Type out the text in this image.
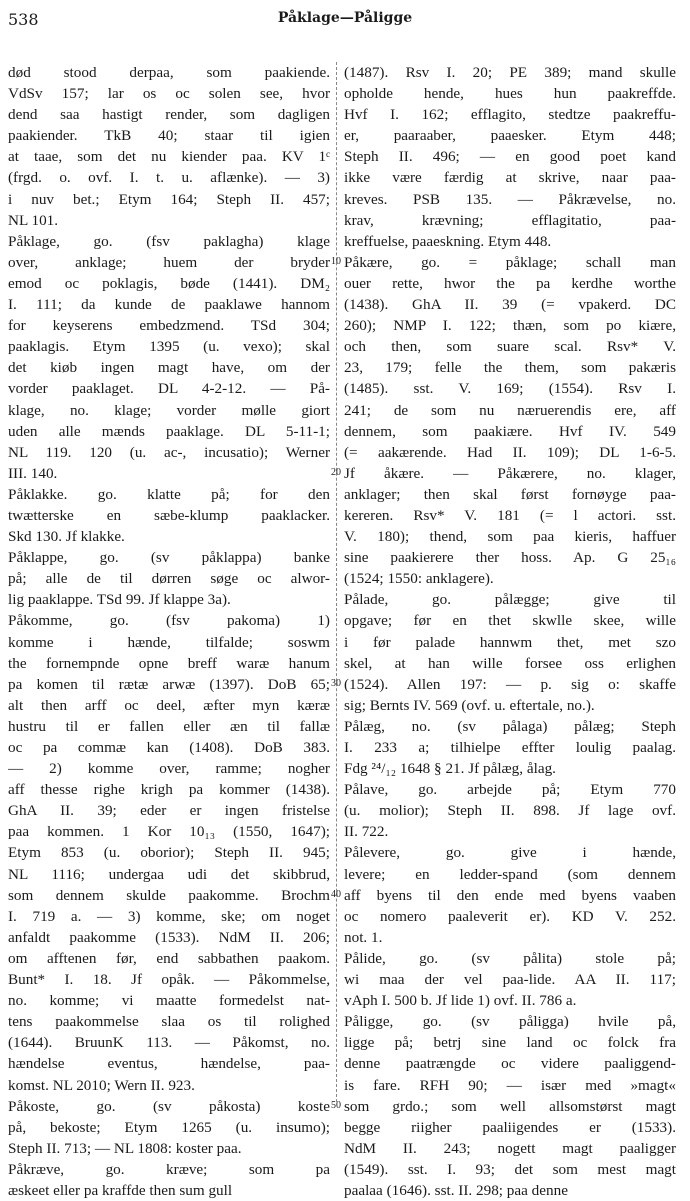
538	Påklage—Påligge
død stood derpaa, som paakiende.
VdSv 157; lar os oc solen see, hvor
dend saa hastigt render, som dagligen
paakiender. TkB 40; staar til igien
at taae, som det nu kiender paa. KV 1ᶜ
(frgd. o. ovf. I. t. u. aflænke). — 3)
i nuv bet.; Etym 164; Steph II. 457;
NL 101.
Påklage, go. (fsv paklagha) klage
over, anklage; huem der bryder
emod oc poklagis, bøde (1441). DM₂
I. 111; da kunde de paaklawe hannom
for keyserens embedzmend. TSd 304;
paaklagis. Etym 1395 (u. vexo); skal
det kiøb ingen magt have, om der
vorder paaklaget. DL 4-2-12. — På-
klage, no. klage; vorder mølle giort
uden alle mænds paaklage. DL 5-11-1;
NL 119. 120 (u. ac-, incusatio); Werner
III. 140.
Påklakke. go. klatte på; for den
twætterske en sæbe-klump paaklacker.
Skd 130. Jf klakke.
Påklappe, go. (sv påklappa) banke
på; alle de til dørren søge oc alwor-
lig paaklappe. TSd 99. Jf klappe 3a).
Påkomme, go. (fsv pakoma) 1)
komme i hænde, tilfalde; soswm
the fornempnde opne breff waræ hanum
pa komen til rætæ arwæ (1397). DoB 65;
alt then arff oc deel, æfter myn kæræ
hustru til er fallen eller æn til fallæ
oc pa commæ kan (1408). DoB 383.
— 2) komme over, ramme; nogher
aff thesse righe krigh pa kommer (1438).
GhA II. 39; eder er ingen fristelse
paa kommen. 1 Kor 10₁₃ (1550, 1647);
Etym 853 (u. oborior); Steph II. 945;
NL 1116; undergaa udi det skibbrud,
som dennem skulde paakomme. Brochm
I. 719 a. — 3) komme, ske; om noget
anfaldt paakomme (1533). NdM II. 206;
om afftenen før, end sabbathen paakom.
Bunt* I. 18. Jf opåk. — Påkommelse,
no. komme; vi maatte formedelst nat-
tens paakommelse slaa os til rolighed
(1644). BruunK 113. — Påkomst, no.
hændelse eventus, hændelse, paa-
komst. NL 2010; Wern II. 923.
Påkoste, go. (sv påkosta) koste
på, bekoste; Etym 1265 (u. insumo);
Steph II. 713; — NL 1808: koster paa.
Påkræve, go. kræve; som pa
æskeet eller pa kraffde then sum gull
10
20
30
40
50
(1487). Rsv I. 20; PE 389; mand skulle
opholde hende, hues hun paakreffde.
Hvf I. 162; efflagito, stedtze paakreffu-
er, paaraaber, paaesker. Etym 448;
Steph II. 496; — en good poet kand
ikke være færdig at skrive, naar paa-
kreves. PSB 135. — Påkrævelse, no.
krav, krævning; efflagitatio, paa-
kreffuelse, paaeskning. Etym 448.
Påkære, go. = påklage; schall man
ouer rette, hwor the pa kerdhe worthe
(1438). GhA II. 39 (= vpakerd. DC
260); NMP I. 122; thæn, som po kiære,
och then, som suare scal. Rsv* V.
23, 179; felle the them, som pakæris
(1485). sst. V. 169; (1554). Rsv I.
241; de som nu næruerendis ere, aff
dennem, som paakiære. Hvf IV. 549
(= aakærende. Had II. 109); DL 1-6-5.
Jf åkære. — Påkærere, no. klager,
anklager; then skal først fornøyge paa-
kereren. Rsv* V. 181 (= l actori. sst.
V. 180); thend, som paa kieris, haffuer
sine paakierere ther hoss. Ap. G 25₁₆
(1524; 1550: anklagere).
Pålade, go. pålægge; give til
opgave; før en thet skwlle skee, wille
i før palade hannwm thet, met szo
skel, at han wille forsee oss erlighen
(1524). Allen 197: — p. sig o: skaffe
sig; Bernts IV. 569 (ovf. u. eftertale, no.).
Pålæg, no. (sv pålaga) pålæg; Steph
I. 233 a; tilhielpe effter loulig paalag.
Fdg ²⁴/₁₂ 1648 § 21. Jf pålæg, ålag.
Pålave, go. arbejde på; Etym 770
(u. molior); Steph II. 898. Jf lage ovf.
II. 722.
Pålevere, go. give i hænde,
levere; en ledder-spand (som dennem
aff byens til den ende med byens vaaben
oc nomero paaleverit er). KD V. 252.
not. 1.
Pålide, go. (sv pålita) stole på;
wi maa der vel paa-lide. AA II. 117;
vAph I. 500 b. Jf lide 1) ovf. II. 786 a.
Påligge, go. (sv påligga) hvile på,
ligge på; betrj sine land oc folck fra
denne paatrængde oc videre paaliggend-
is fare. RFH 90; — især med »magt«
som grdo.; som well allsomstørst magt
begge riigher paaliigendes er (1533).
NdM II. 243; nogett magt paaligger
(1549). sst. I. 93; det som mest magt
paalaa (1646). sst. II. 298; paa denne
